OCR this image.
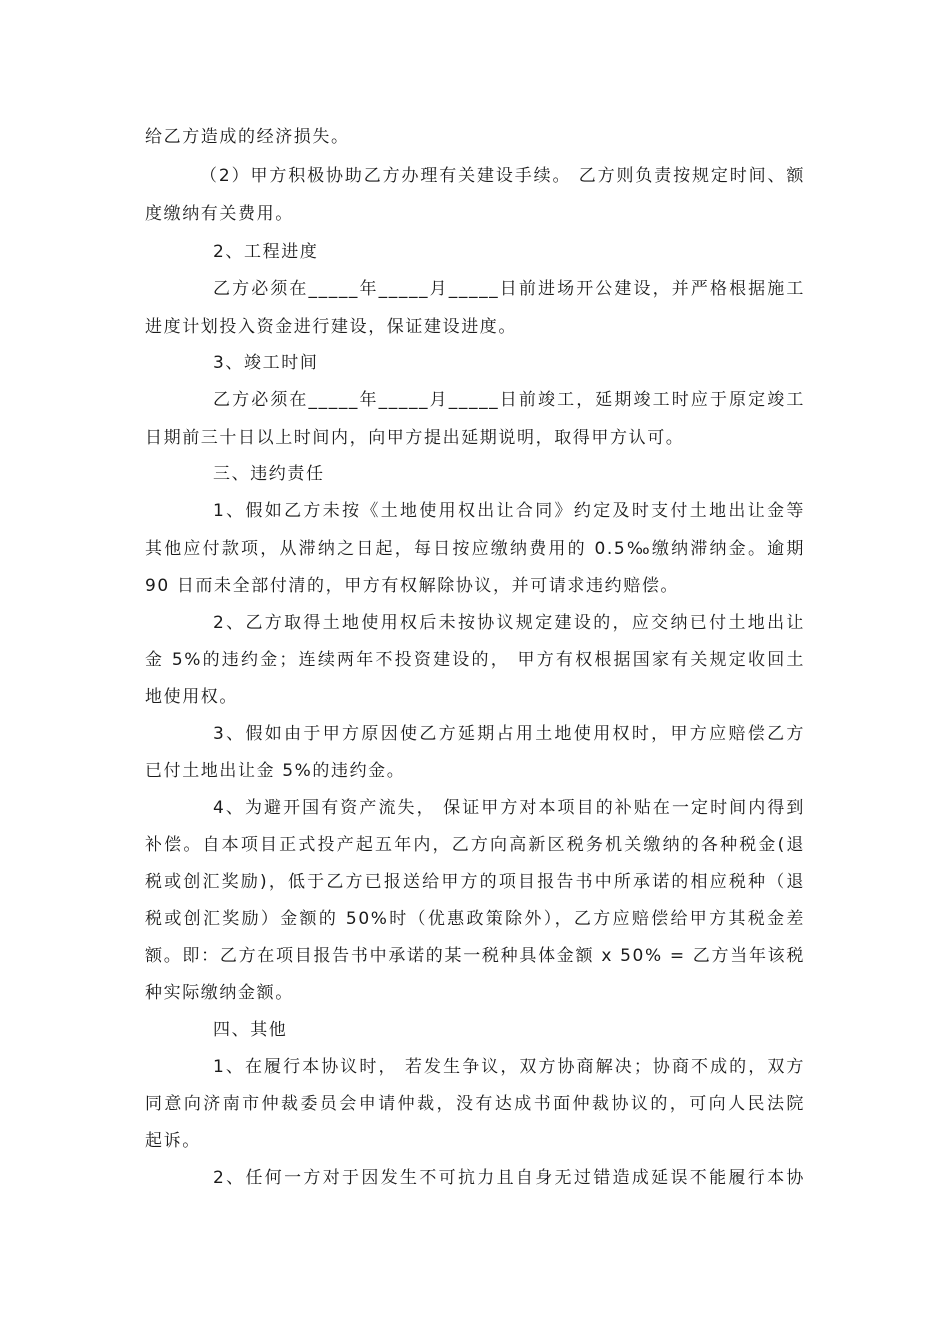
给乙方造成的经济损失。
（2）甲方积极协助乙方办理有关建设手续。 乙方则负责按规定时间、额
度缴纳有关费用。
2、工程进度
乙方必须在_____年_____月_____日前进场开公建设，并严格根据施工
进度计划投入资金进行建设，保证建设进度。
3、竣工时间
乙方必须在_____年_____月_____日前竣工，延期竣工时应于原定竣工
日期前三十日以上时间内，向甲方提出延期说明，取得甲方认可。
三、违约责任
1、假如乙方未按《土地使用权出让合同》约定及时支付土地出让金等
其他应付款项，从滞纳之日起，每日按应缴纳费用的 0.5‰缴纳滞纳金。逾期
90 日而未全部付清的，甲方有权解除协议，并可请求违约赔偿。
2、乙方取得土地使用权后未按协议规定建设的，应交纳已付土地出让
金 5%的违约金；连续两年不投资建设的， 甲方有权根据国家有关规定收回土
地使用权。
3、假如由于甲方原因使乙方延期占用土地使用权时，甲方应赔偿乙方
已付土地出让金 5%的违约金。
4、为避开国有资产流失， 保证甲方对本项目的补贴在一定时间内得到
补偿。自本项目正式投产起五年内，乙方向高新区税务机关缴纳的各种税金(退
税或创汇奖励)，低于乙方已报送给甲方的项目报告书中所承诺的相应税种（退
税或创汇奖励）金额的 50%时（优惠政策除外），乙方应赔偿给甲方其税金差
额。即：乙方在项目报告书中承诺的某一税种具体金额 x 50% = 乙方当年该税
种实际缴纳金额。
四、其他
1、在履行本协议时， 若发生争议，双方协商解决；协商不成的，双方
同意向济南市仲裁委员会申请仲裁，没有达成书面仲裁协议的，可向人民法院
起诉。
2、任何一方对于因发生不可抗力且自身无过错造成延误不能履行本协
